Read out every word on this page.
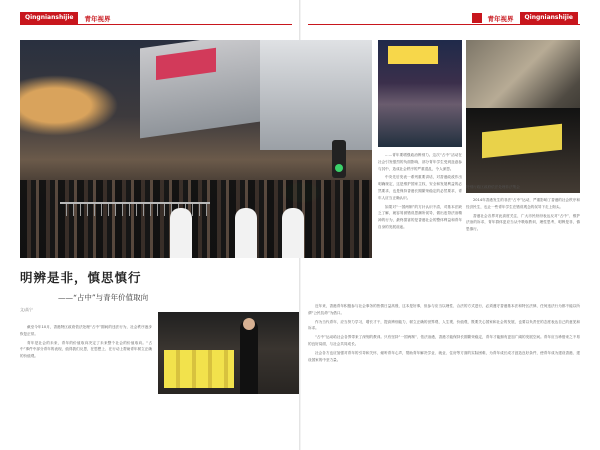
Qingnianshijie	青年视界	青年视界	Qingnianshijie

……青年要增强政治辨别力。这次“占中”活动在社会引发强烈的负面影响，部分青年学生受到蛊惑参与其中，造成社会秩序的严重混乱，令人深思。

中央先后发表一系列重要讲话，对香港政改作出明确规定，这是维护国家主权、安全和发展利益的必然要求，也是保持香港长期繁荣稳定的必然要求，青年人应当正确认识。

如果对“一国两制”的方针认识不清，对基本法缺乏了解，就容易被错误思潮所误导，做出违背法治精神的行为，最终损害的是香港社会的整体利益和青年自身的发展前途。

特别行政区政府依法处理非法集会

2014年香港发生的非法“占中”运动，严重影响了香港的社会秩序和经济民生，也让一些青年学生在错误观念的误导下走上街头。

香港社会各界对此高度关注，广大市民纷纷表达反对“占中”、维护法治的诉求，青年群体更应当从中吸取教训，理性思考，明辨是非，慎思慎行。

明辨是非，慎思慎行
——“占中”与青年价值取向
文/高宁

截至今年10月，香港特区政府依法处理“占中”期间的违法行为，社会秩序逐步恢复正常。

青年是社会的未来，青年的价值取向决定了未来整个社会的价值取向。“占中”事件中部分青年的表现，值得我们反思，在思想上、在行动上帮助青年树立正确的价值观。

近年来，香港青年积极参与社会事务的热情日益高涨，这本是好事，但参与应当以理性、合法的方式进行，必须遵守香港基本法和特区法律，任何违法行为都不能以所谓“公民抗命”为借口。

作为当代青年，应当努力学习，增长才干，提高辨别能力，树立正确的世界观、人生观、价值观，既要关心国家和社会的发展，也要以负责任的态度表达自己的意见和诉求。

“占中”运动给社会各界带来了深刻的教训。只有坚持“一国两制”、依法治港，香港才能保持长期繁荣稳定，青年才能拥有更加广阔的发展空间。青年应当珍惜来之不易的良好局面，与社会共同成长。

社会各方也应加强对青年的引导和关怀，倾听青年心声，帮助青年解决学业、就业、住房等方面的实际困难，为青年成长成才创造良好条件，使青年成为建设香港、建设国家的中坚力量。
